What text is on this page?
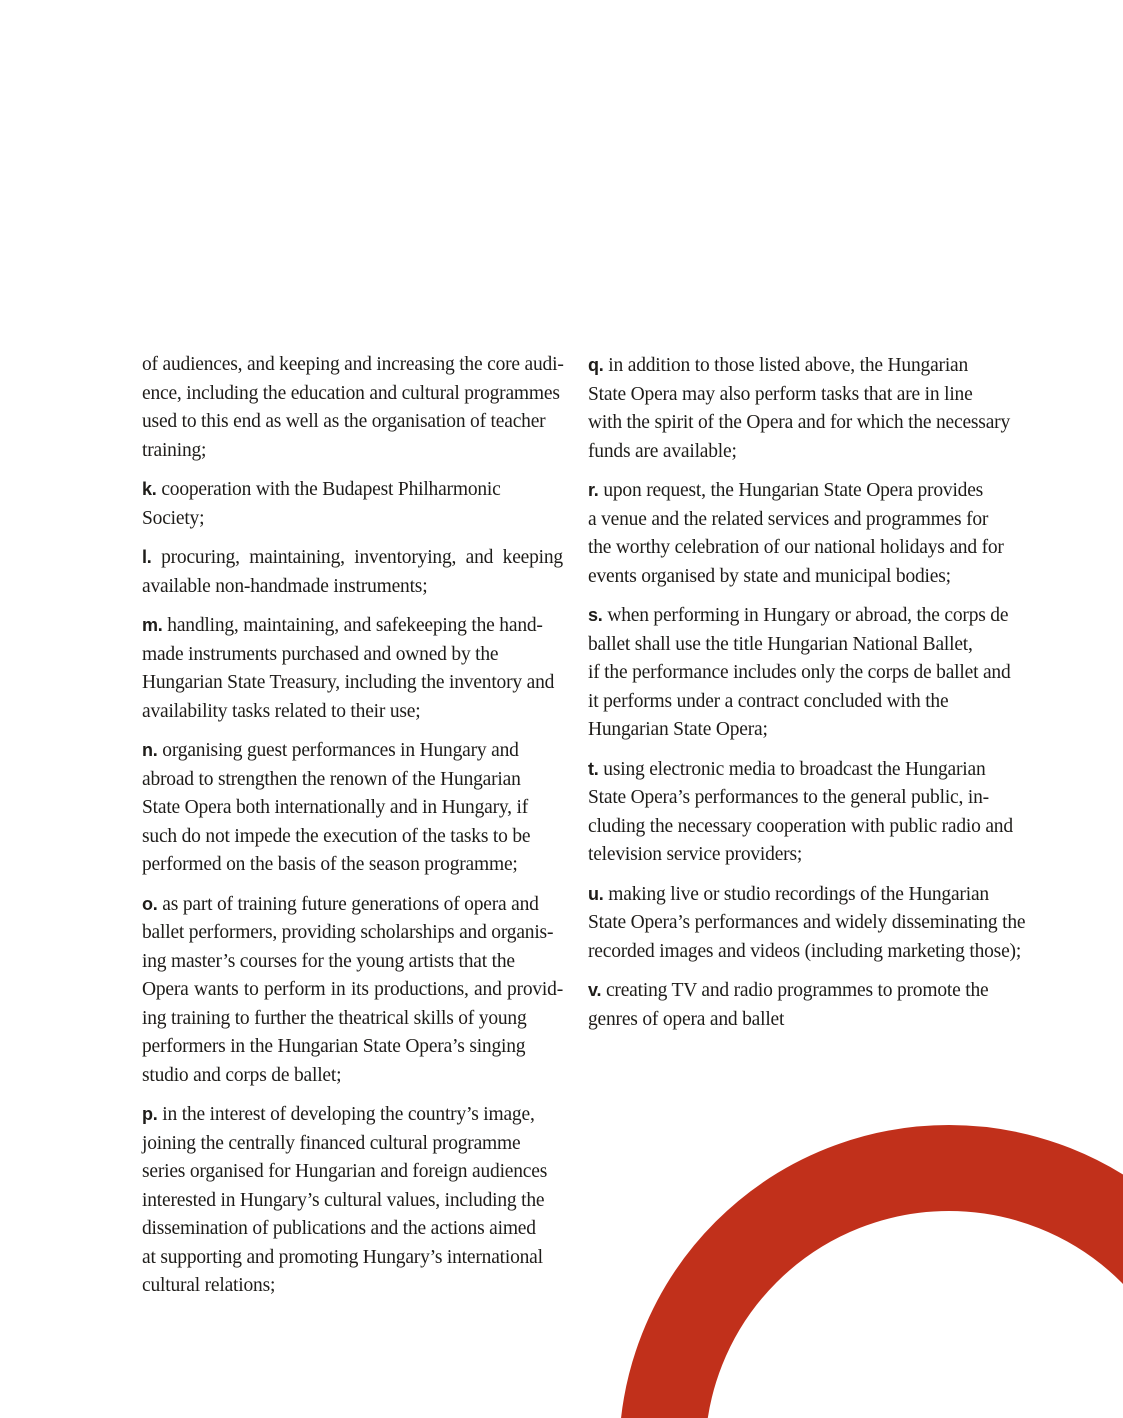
of audiences, and keeping and increasing the core audi-
ence, including the education and cultural programmes
used to this end as well as the organisation of teacher
training;
k. cooperation with the Budapest Philharmonic
Society;
l. procuring, maintaining, inventorying, and keeping
available non-handmade instruments;
m. handling, maintaining, and safekeeping the hand-
made instruments purchased and owned by the
Hungarian State Treasury, including the inventory and
availability tasks related to their use;
n. organising guest performances in Hungary and
abroad to strengthen the renown of the Hungarian
State Opera both internationally and in Hungary, if
such do not impede the execution of the tasks to be
performed on the basis of the season programme;
o. as part of training future generations of opera and
ballet performers, providing scholarships and organis-
ing master’s courses for the young artists that the
Opera wants to perform in its productions, and provid-
ing training to further the theatrical skills of young
performers in the Hungarian State Opera’s singing
studio and corps de ballet;
p. in the interest of developing the country’s image,
joining the centrally financed cultural programme
series organised for Hungarian and foreign audiences
interested in Hungary’s cultural values, including the
dissemination of publications and the actions aimed
at supporting and promoting Hungary’s international
cultural relations;
q. in addition to those listed above, the Hungarian
State Opera may also perform tasks that are in line
with the spirit of the Opera and for which the necessary
funds are available;
r. upon request, the Hungarian State Opera provides
a venue and the related services and programmes for
the worthy celebration of our national holidays and for
events organised by state and municipal bodies;
s. when performing in Hungary or abroad, the corps de
ballet shall use the title Hungarian National Ballet,
if the performance includes only the corps de ballet and
it performs under a contract concluded with the
Hungarian State Opera;
t. using electronic media to broadcast the Hungarian
State Opera’s performances to the general public, in-
cluding the necessary cooperation with public radio and
television service providers;
u. making live or studio recordings of the Hungarian
State Opera’s performances and widely disseminating the
recorded images and videos (including marketing those);
v. creating TV and radio programmes to promote the
genres of opera and ballet
